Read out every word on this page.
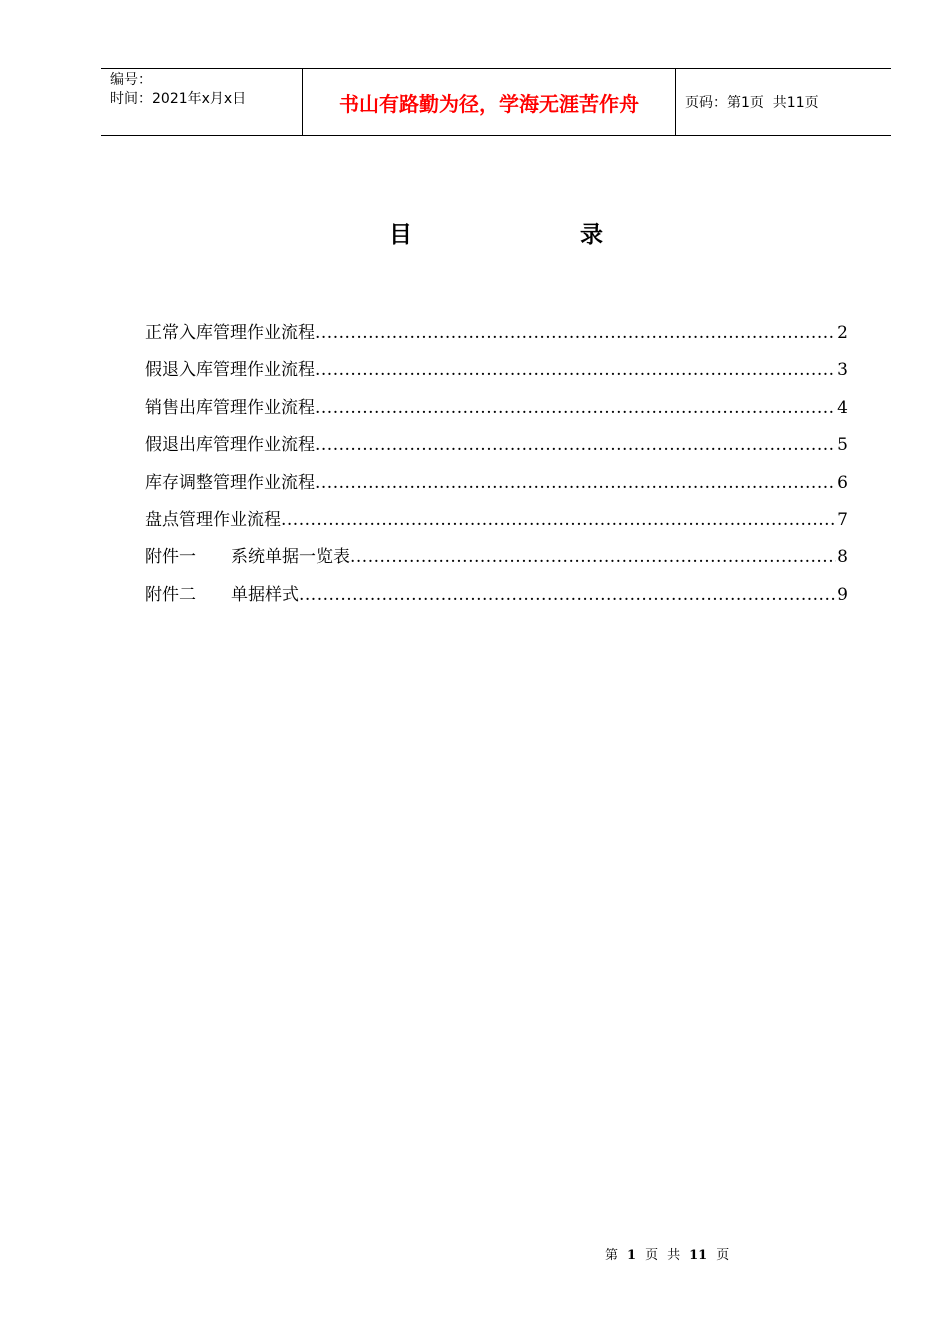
编号：
时间：2021年x月x日	书山有路勤为径，学海无涯苦作舟	页码：第1页  共11页
目	录
正常入库管理作业流程 .....	2
假退入库管理作业流程 .....	3
销售出库管理作业流程 .....	4
假退出库管理作业流程 .....	5
库存调整管理作业流程 .....	6
盘点管理作业流程 .....	7
附件一	系统单据一览表 .....	8
附件二	单据样式 .....	9
第 1 页 共 11 页
